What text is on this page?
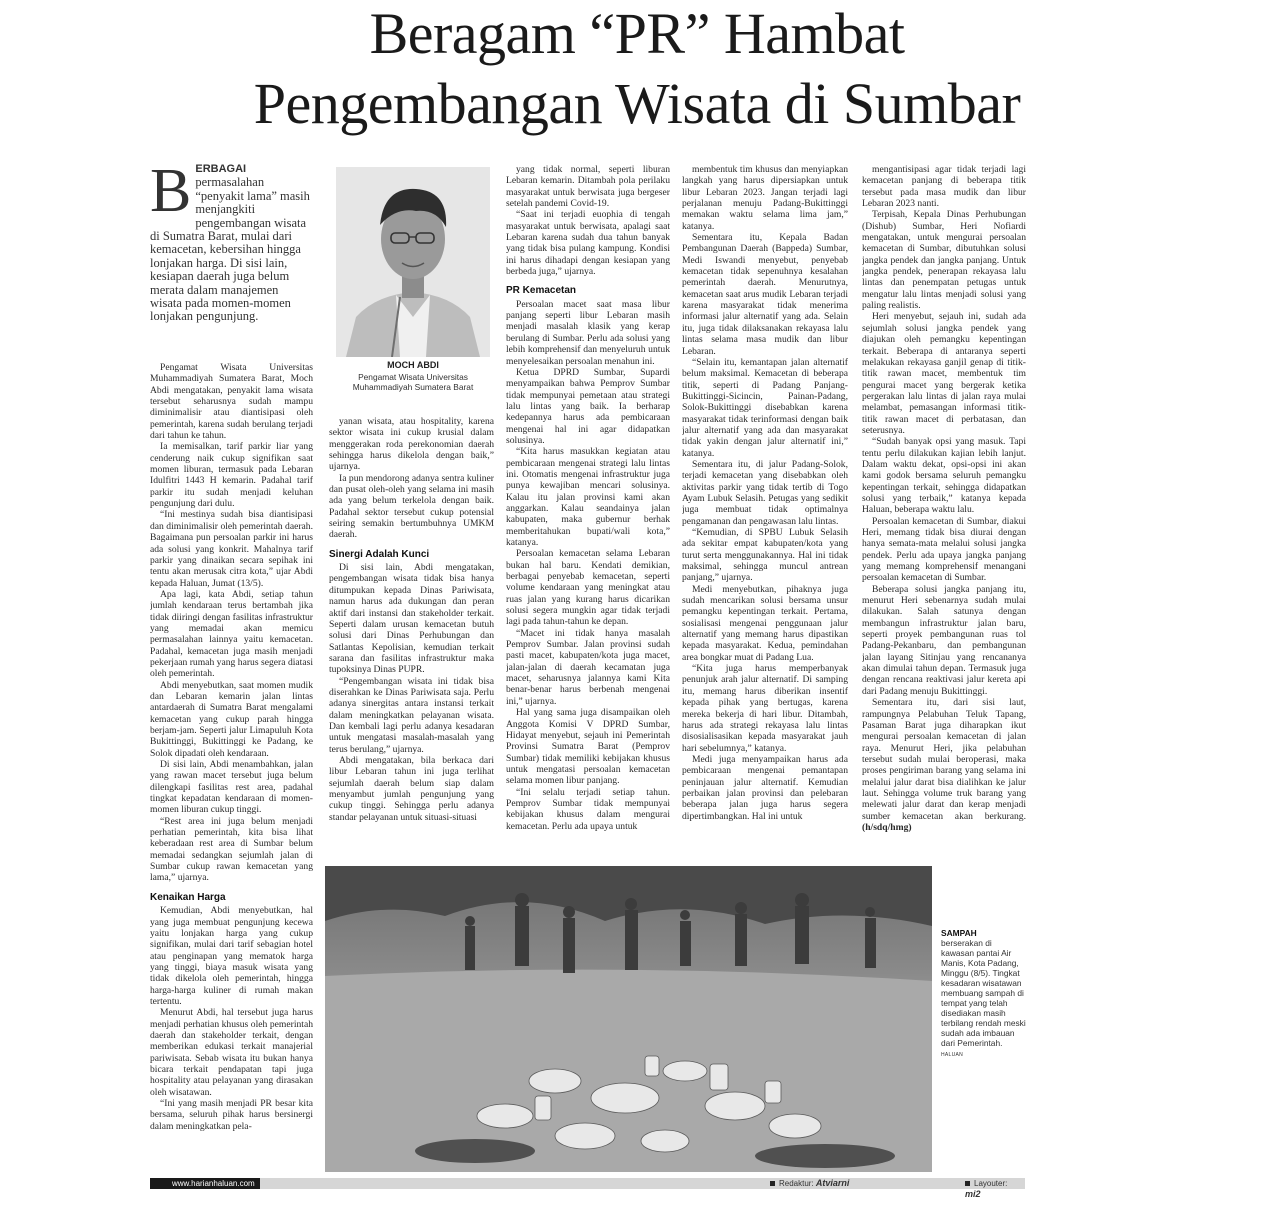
Beragam “PR” Hambat
Pengembangan Wisata di Sumbar
B ERBAGAI permasalahan “penyakit lama” masih menjangkiti pengembangan wisata di Sumatra Barat, mulai dari kemacetan, kebersihan hingga lonjakan harga. Di sisi lain, kesiapan daerah juga belum merata dalam manajemen wisata pada momen-momen lonjakan pengunjung.
MOCH ABDI
Pengamat Wisata Universitas Muhammadiyah Sumatera Barat

Pengamat Wisata Universitas Muhammadiyah Sumatera Barat, Moch Abdi mengatakan, penyakit lama wisata tersebut seharusnya sudah mampu diminimalisir atau diantisipasi oleh pemerintah, karena sudah berulang terjadi dari tahun ke tahun.

Ia memisalkan, tarif parkir liar yang cenderung naik cukup signifikan saat momen liburan, termasuk pada Lebaran Idulfitri 1443 H kemarin. Padahal tarif parkir itu sudah menjadi keluhan pengunjung dari dulu.

“Ini mestinya sudah bisa diantisipasi dan diminimalisir oleh pemerintah daerah. Bagaimana pun persoalan parkir ini harus ada solusi yang konkrit. Mahalnya tarif parkir yang dinaikan secara sepihak ini tentu akan merusak citra kota,” ujar Abdi kepada Haluan, Jumat (13/5).

Apa lagi, kata Abdi, setiap tahun jumlah kendaraan terus bertambah jika tidak diiringi dengan fasilitas infrastruktur yang memadai akan memicu permasalahan lainnya yaitu kemacetan. Padahal, kemacetan juga masih menjadi pekerjaan rumah yang harus segera diatasi oleh pemerintah.

Abdi menyebutkan, saat momen mudik dan Lebaran kemarin jalan lintas antardaerah di Sumatra Barat mengalami kemacetan yang cukup parah hingga berjam-jam. Seperti jalur Limapuluh Kota Bukittinggi, Bukittinggi ke Padang, ke Solok dipadati oleh kendaraan.

Di sisi lain, Abdi menambahkan, jalan yang rawan macet tersebut juga belum dilengkapi fasilitas rest area, padahal tingkat kepadatan kendaraan di momen-momen liburan cukup tinggi.

“Rest area ini juga belum menjadi perhatian pemerintah, kita bisa lihat keberadaan rest area di Sumbar belum memadai sedangkan sejumlah jalan di Sumbar cukup rawan kemacetan yang lama,” ujarnya.

Kenaikan Harga

Kemudian, Abdi menyebutkan, hal yang juga membuat pengunjung kecewa yaitu lonjakan harga yang cukup signifikan, mulai dari tarif sebagian hotel atau penginapan yang mematok harga yang tinggi, biaya masuk wisata yang tidak dikelola oleh pemerintah, hingga harga-harga kuliner di rumah makan tertentu.

Menurut Abdi, hal tersebut juga harus menjadi perhatian khusus oleh pemerintah daerah dan stakeholder terkait, dengan memberikan edukasi terkait manajerial pariwisata. Sebab wisata itu bukan hanya bicara terkait pendapatan tapi juga hospitality atau pelayanan yang dirasakan oleh wisatawan.

“Ini yang masih menjadi PR besar kita bersama, seluruh pihak harus bersinergi dalam meningkatkan pela-

yanan wisata, atau hospitality, karena sektor wisata ini cukup krusial dalam menggerakan roda perekonomian daerah sehingga harus dikelola dengan baik,” ujarnya.

Ia pun mendorong adanya sentra kuliner dan pusat oleh-oleh yang selama ini masih ada yang belum terkelola dengan baik. Padahal sektor tersebut cukup potensial seiring semakin bertumbuhnya UMKM daerah.

Sinergi Adalah Kunci

Di sisi lain, Abdi mengatakan, pengembangan wisata tidak bisa hanya ditumpukan kepada Dinas Pariwisata, namun harus ada dukungan dan peran aktif dari instansi dan stakeholder terkait. Seperti dalam urusan kemacetan butuh solusi dari Dinas Perhubungan dan Satlantas Kepolisian, kemudian terkait sarana dan fasilitas infrastruktur maka tupoksinya Dinas PUPR.

“Pengembangan wisata ini tidak bisa diserahkan ke Dinas Pariwisata saja. Perlu adanya sinergitas antara instansi terkait dalam meningkatkan pelayanan wisata. Dan kembali lagi perlu adanya kesadaran untuk mengatasi masalah-masalah yang terus berulang,” ujarnya.

Abdi mengatakan, bila berkaca dari libur Lebaran tahun ini juga terlihat sejumlah daerah belum siap dalam menyambut jumlah pengunjung yang cukup tinggi. Sehingga perlu adanya standar pelayanan untuk situasi-situasi

yang tidak normal, seperti liburan Lebaran kemarin. Ditambah pola perilaku masyarakat untuk berwisata juga bergeser setelah pandemi Covid-19.

“Saat ini terjadi euophia di tengah masyarakat untuk berwisata, apalagi saat Lebaran karena sudah dua tahun banyak yang tidak bisa pulang kampung. Kondisi ini harus dihadapi dengan kesiapan yang berbeda juga,” ujarnya.

PR Kemacetan

Persoalan macet saat masa libur panjang seperti libur Lebaran masih menjadi masalah klasik yang kerap berulang di Sumbar. Perlu ada solusi yang lebih komprehensif dan menyeluruh untuk menyelesaikan persoalan menahun ini.

Ketua DPRD Sumbar, Supardi menyampaikan bahwa Pemprov Sumbar tidak mempunyai pemetaan atau strategi lalu lintas yang baik. Ia berharap kedepannya harus ada pembicaraan mengenai hal ini agar didapatkan solusinya.

“Kita harus masukkan kegiatan atau pembicaraan mengenai strategi lalu lintas ini. Otomatis mengenai infrastruktur juga punya kewajiban mencari solusinya. Kalau itu jalan provinsi kami akan anggarkan. Kalau seandainya jalan kabupaten, maka gubernur berhak memberitahukan bupati/wali kota,” katanya.

Persoalan kemacetan selama Lebaran bukan hal baru. Kendati demikian, berbagai penyebab kemacetan, seperti volume kendaraan yang meningkat atau ruas jalan yang kurang harus dicarikan solusi segera mungkin agar tidak terjadi lagi pada tahun-tahun ke depan.

“Macet ini tidak hanya masalah Pemprov Sumbar. Jalan provinsi sudah pasti macet, kabupaten/kota juga macet, jalan-jalan di daerah kecamatan juga macet, seharusnya jalannya kami Kita benar-benar harus berbenah mengenai ini,” ujarnya.

Hal yang sama juga disampaikan oleh Anggota Komisi V DPRD Sumbar, Hidayat menyebut, sejauh ini Pemerintah Provinsi Sumatra Barat (Pemprov Sumbar) tidak memiliki kebijakan khusus untuk mengatasi persoalan kemacetan selama momen libur panjang.

“Ini selalu terjadi setiap tahun. Pemprov Sumbar tidak mempunyai kebijakan khusus dalam mengurai kemacetan. Perlu ada upaya untuk

membentuk tim khusus dan menyiapkan langkah yang harus dipersiapkan untuk libur Lebaran 2023. Jangan terjadi lagi perjalanan menuju Padang-Bukittinggi memakan waktu selama lima jam,” katanya.

Sementara itu, Kepala Badan Pembangunan Daerah (Bappeda) Sumbar, Medi Iswandi menyebut, penyebab kemacetan tidak sepenuhnya kesalahan pemerintah daerah. Menurutnya, kemacetan saat arus mudik Lebaran terjadi karena masyarakat tidak menerima informasi jalur alternatif yang ada. Selain itu, juga tidak dilaksanakan rekayasa lalu lintas selama masa mudik dan libur Lebaran.

“Selain itu, kemantapan jalan alternatif belum maksimal. Kemacetan di beberapa titik, seperti di Padang Panjang-Bukittinggi-Sicincin, Painan-Padang, Solok-Bukittinggi disebabkan karena masyarakat tidak terinformasi dengan baik jalur alternatif yang ada dan masyarakat tidak yakin dengan jalur alternatif ini,” katanya.

Sementara itu, di jalur Padang-Solok, terjadi kemacetan yang disebabkan oleh aktivitas parkir yang tidak tertib di Togo Ayam Lubuk Selasih. Petugas yang sedikit juga membuat tidak optimalnya pengamanan dan pengawasan lalu lintas.

“Kemudian, di SPBU Lubuk Selasih ada sekitar empat kabupaten/kota yang turut serta menggunakannya. Hal ini tidak maksimal, sehingga muncul antrean panjang,” ujarnya.

Medi menyebutkan, pihaknya juga sudah mencarikan solusi bersama unsur pemangku kepentingan terkait. Pertama, sosialisasi mengenai penggunaan jalur alternatif yang memang harus dipastikan kepada masyarakat. Kedua, pemindahan area bongkar muat di Padang Lua.

“Kita juga harus memperbanyak penunjuk arah jalur alternatif. Di samping itu, memang harus diberikan insentif kepada pihak yang bertugas, karena mereka bekerja di hari libur. Ditambah, harus ada strategi rekayasa lalu lintas disosialisasikan kepada masyarakat jauh hari sebelumnya,” katanya.

Medi juga menyampaikan harus ada pembicaraan mengenai pemantapan peninjauan jalur alternatif. Kemudian perbaikan jalan provinsi dan pelebaran beberapa jalan juga harus segera dipertimbangkan. Hal ini untuk

mengantisipasi agar tidak terjadi lagi kemacetan panjang di beberapa titik tersebut pada masa mudik dan libur Lebaran 2023 nanti.

Terpisah, Kepala Dinas Perhubungan (Dishub) Sumbar, Heri Nofiardi mengatakan, untuk mengurai persoalan kemacetan di Sumbar, dibutuhkan solusi jangka pendek dan jangka panjang. Untuk jangka pendek, penerapan rekayasa lalu lintas dan penempatan petugas untuk mengatur lalu lintas menjadi solusi yang paling realistis.

Heri menyebut, sejauh ini, sudah ada sejumlah solusi jangka pendek yang diajukan oleh pemangku kepentingan terkait. Beberapa di antaranya seperti melakukan rekayasa ganjil genap di titik-titik rawan macet, membentuk tim pengurai macet yang bergerak ketika pergerakan lalu lintas di jalan raya mulai melambat, pemasangan informasi titik-titik rawan macet di perbatasan, dan seterusnya.

“Sudah banyak opsi yang masuk. Tapi tentu perlu dilakukan kajian lebih lanjut. Dalam waktu dekat, opsi-opsi ini akan kami godok bersama seluruh pemangku kepentingan terkait, sehingga didapatkan solusi yang terbaik,” katanya kepada Haluan, beberapa waktu lalu.

Persoalan kemacetan di Sumbar, diakui Heri, memang tidak bisa diurai dengan hanya semata-mata melalui solusi jangka pendek. Perlu ada upaya jangka panjang yang memang komprehensif menangani persoalan kemacetan di Sumbar.

Beberapa solusi jangka panjang itu, menurut Heri sebenarnya sudah mulai dilakukan. Salah satunya dengan membangun infrastruktur jalan baru, seperti proyek pembangunan ruas tol Padang-Pekanbaru, dan pembangunan jalan layang Sitinjau yang rencananya akan dimulai tahun depan. Termasuk juga dengan rencana reaktivasi jalur kereta api dari Padang menuju Bukittinggi.

Sementara itu, dari sisi laut, rampungnya Pelabuhan Teluk Tapang, Pasaman Barat juga diharapkan ikut mengurai persoalan kemacetan di jalan raya. Menurut Heri, jika pelabuhan tersebut sudah mulai beroperasi, maka proses pengiriman barang yang selama ini melalui jalur darat bisa dialihkan ke jalur laut. Sehingga volume truk barang yang melewati jalur darat dan kerap menjadi sumber kemacetan akan berkurang. (h/sdq/hmg)

SAMPAH
berserakan di kawasan pantai Air Manis, Kota Padang, Minggu (8/5). Tingkat kesadaran wisatawan membuang sampah di tempat yang telah disediakan masih terbilang rendah meski sudah ada imbauan dari Pemerintah.
HALUAN
www.harianhaluan.com	Redaktur: Atviarni	Layouter: mi2
